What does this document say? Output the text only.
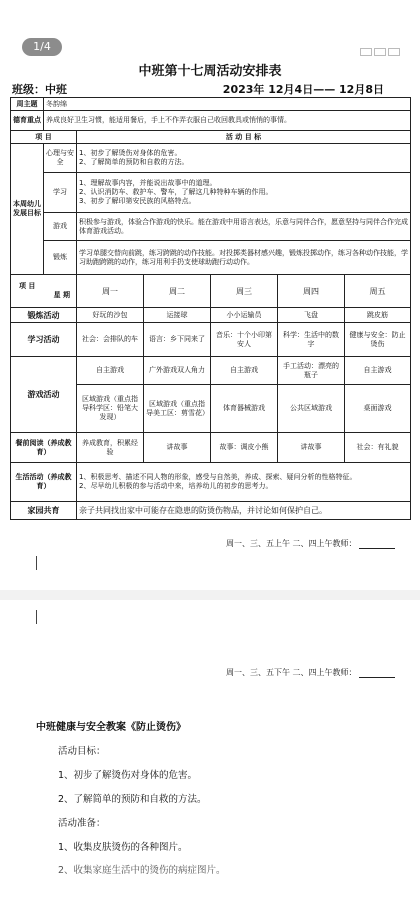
1/4
中班第十七周活动安排表
班级：中班	2023年 12月4日—— 12月8日
周主题	冬韵绵					
德育重点	养成良好卫生习惯，能适用餐后，手上不作弄衣服自己收回教具或悄悄的事情。					
项 目		活 动 目 标				
本周幼儿发展目标	心理与安全	1、初步了解烫伤对身体的危害。
2、了解简单的预防和自救的方法。				
	学习	1、理解故事内容，并能说出故事中的道理。
2、认识消防车、救护车、警车，了解这几种特种车辆的作用。
3、初步了解印第安民族的风格特点。				
	游戏	积极参与游戏，体验合作游戏的快乐。能在游戏中用语言表达，乐意与同伴合作，愿意坚持与同伴合作完成体育游戏活动。				
	锻炼	学习单腿交替向前跳，练习跨跳的动作技能。对投掷类器材感兴趣，锻炼投掷动作，练习各种动作技能，学习助跑跨跳的动作，练习用利手扔支使球助跑行动动作。				

项 目
星 期		周一	周二	周三	周四	周五
锻炼活动		好玩的沙包	运接球	小小运输员	飞盘	跳皮筋
学习活动		社会：会排队的车	语言：乡下同来了	音乐：十个小印第安人	科学：生活中的数字	健康与安全：防止烫伤
游戏活动		自主游戏	广外游戏双人角力	自主游戏	手工活动：漂亮的瓶子	自主游戏
		区域游戏（重点指导科学区：铅笔大发现）	区域游戏（重点指导美工区：剪雪花）	体育器械游戏	公共区域游戏	桌面游戏
餐前阅读（养成教育）		养成教育，积累经验	讲故事	故事：调皮小熊	讲故事	社会：有礼貌
生活活动（养成教育）		1、积极思考、描述不同人物的形象，感受与自然美，养成、探索、疑问分析的性格特征。
2、尽早幼儿积极的参与活动中来，培养幼儿的初步的思考力。				
家园共育		亲子共同找出家中可能存在隐患的防烫伤物品，并讨论如何保护自己。				
周一、三、五上午 二、四上午教师：
周一、三、五下午 二、四上午教师：
中班健康与安全教案《防止烫伤》
活动目标：
1、初步了解烫伤对身体的危害。
2、了解简单的预防和自救的方法。
活动准备：
1、收集皮肤烫伤的各种图片。
2、收集家庭生活中的烫伤的病症图片。
